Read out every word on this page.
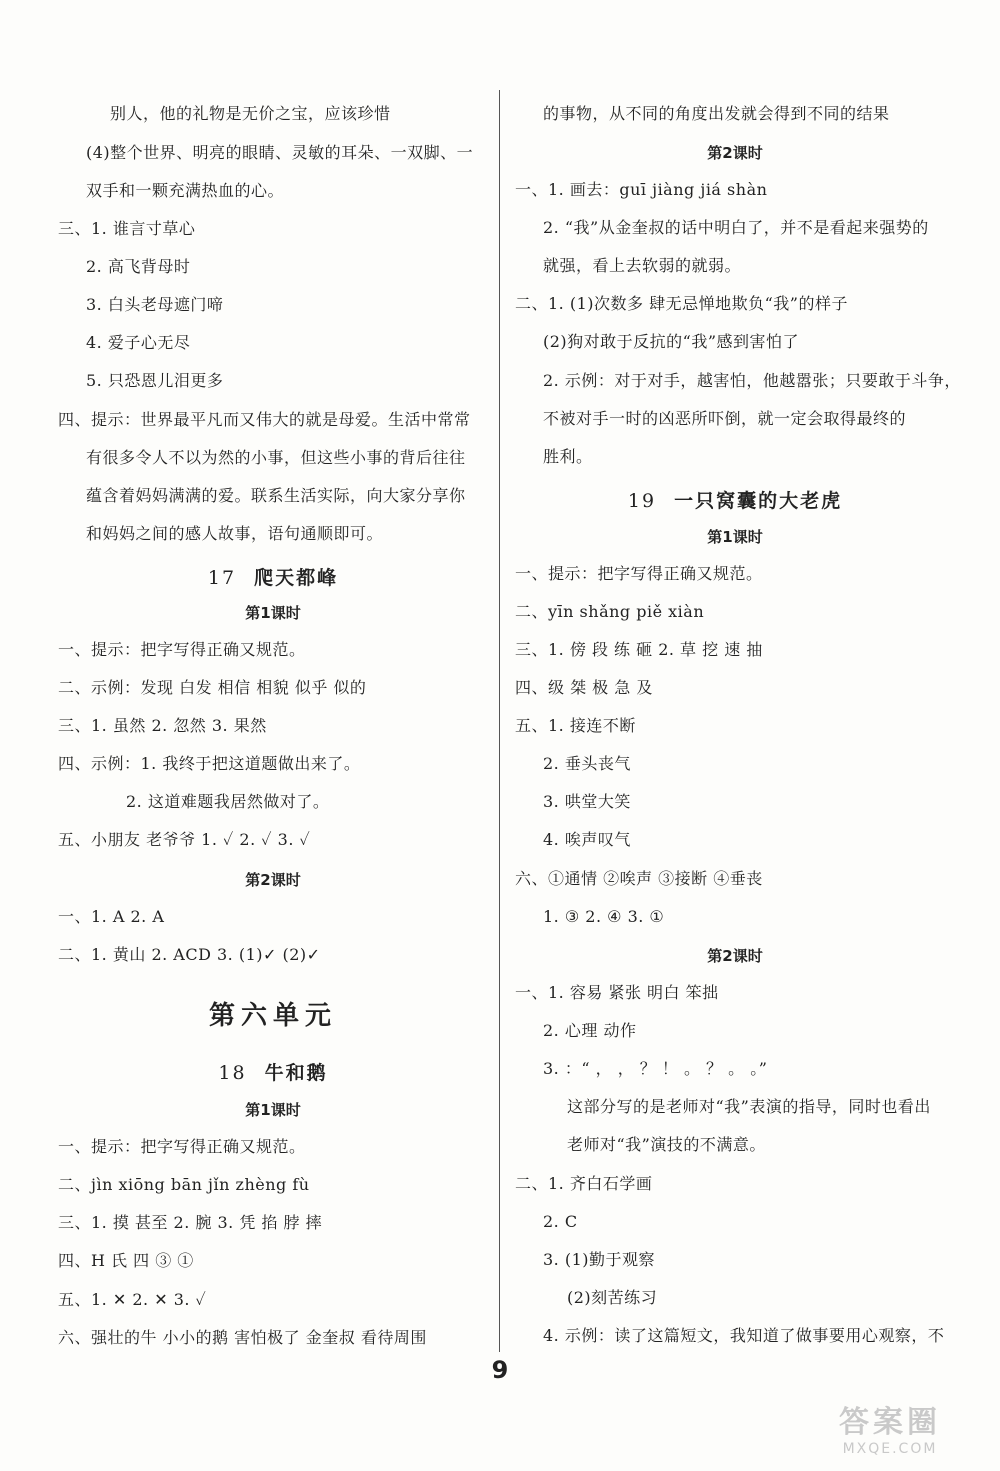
别人，他的礼物是无价之宝，应该珍惜
(4)整个世界、明亮的眼睛、灵敏的耳朵、一双脚、一
双手和一颗充满热血的心。
三、1. 谁言寸草心
2. 高飞背母时
3. 白头老母遮门啼
4. 爱子心无尽
5. 只恐恩儿泪更多
四、提示：世界最平凡而又伟大的就是母爱。生活中常常
有很多令人不以为然的小事，但这些小事的背后往往
蕴含着妈妈满满的爱。联系生活实际，向大家分享你
和妈妈之间的感人故事，语句通顺即可。
17 爬天都峰
第1课时
一、提示：把字写得正确又规范。
二、示例：发现 白发 相信 相貌 似乎 似的
三、1. 虽然 2. 忽然 3. 果然
四、示例：1. 我终于把这道题做出来了。
2. 这道难题我居然做对了。
五、小朋友 老爷爷 1. ✓ 2. ✓ 3. ✓
第2课时
一、1. A 2. A
二、1. 黄山 2. ACD 3. (1)✓ (2)✓
第六单元
18 牛和鹅
第1课时
一、提示：把字写得正确又规范。
二、jìn xiōng bān jǐn zhèng fù
三、1. 摸 甚至 2. 腕 3. 凭 掐 脖 摔
四、H 氏 四 ③ ①
五、1. ✕ 2. ✕ 3. ✓
六、强壮的牛 小小的鹅 害怕极了 金奎叔 看待周围
的事物，从不同的角度出发就会得到不同的结果
第2课时
一、1. 画去：guī jiàng jiá shàn
2. “我”从金奎叔的话中明白了，并不是看起来强势的
就强，看上去软弱的就弱。
二、1. (1)次数多 肆无忌惮地欺负“我”的样子
(2)狗对敢于反抗的“我”感到害怕了
2. 示例：对于对手，越害怕，他越嚣张；只要敢于斗争，
不被对手一时的凶恶所吓倒，就一定会取得最终的
胜利。
19 一只窝囊的大老虎
第1课时
一、提示：把字写得正确又规范。
二、yīn shǎng piě xiàn
三、1. 傍 段 练 砸 2. 草 挖 速 抽
四、级 桀 极 急 及
五、1. 接连不断
2. 垂头丧气
3. 哄堂大笑
4. 唉声叹气
六、①通情 ②唉声 ③接断 ④垂丧
1. ③ 2. ④ 3. ①
第2课时
一、1. 容易 紧张 明白 笨拙
2. 心理 动作
3. ：“ ， ， ？ ！ 。 ？ 。 。”
这部分写的是老师对“我”表演的指导，同时也看出
老师对“我”演技的不满意。
二、1. 齐白石学画
2. C
3. (1)勤于观察
(2)刻苦练习
4. 示例：读了这篇短文，我知道了做事要用心观察，不
9
答案圈
MXQE.COM
